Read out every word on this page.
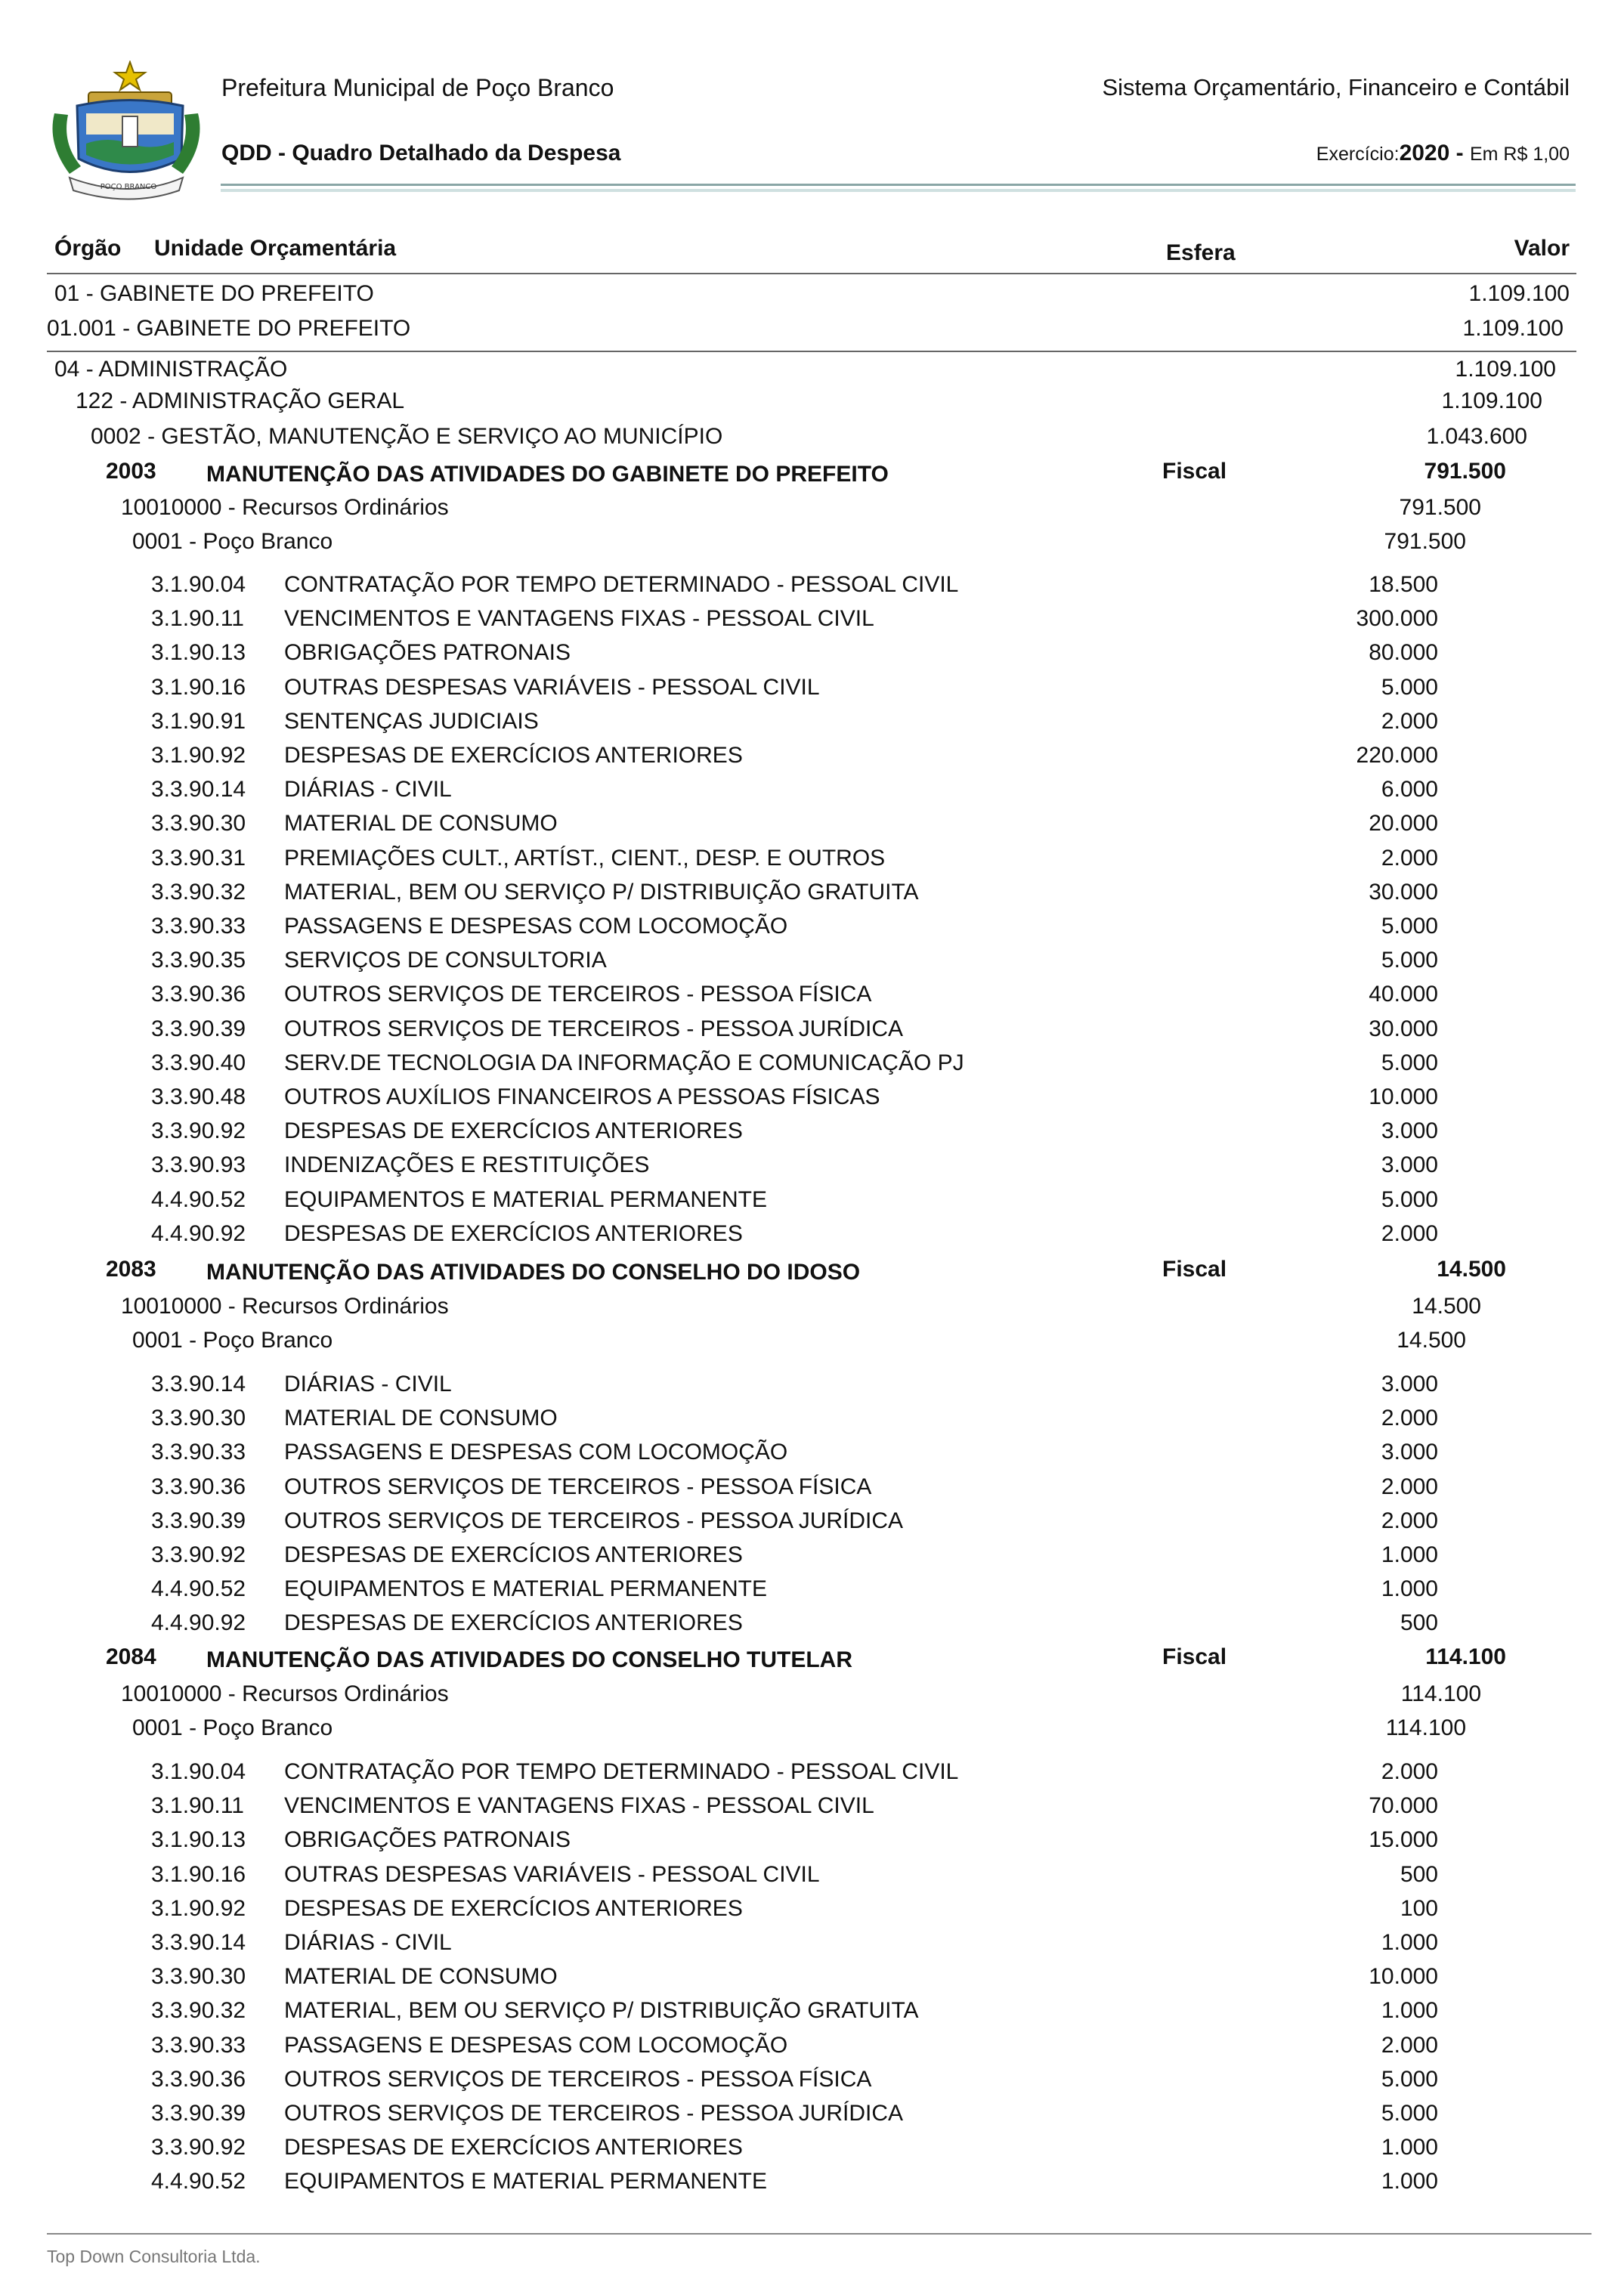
POÇO BRANCO
Prefeitura Municipal de Poço Branco
QDD - Quadro Detalhado da Despesa
Sistema Orçamentário, Financeiro e Contábil
Exercício:2020 - Em R$ 1,00
Órgão Unidade Orçamentária	Esfera	Valor
01 - GABINETE DO PREFEITO	1.109.100
01.001 - GABINETE DO PREFEITO	1.109.100
04 - ADMINISTRAÇÃO	1.109.100
122 - ADMINISTRAÇÃO GERAL	1.109.100
0002 - GESTÃO, MANUTENÇÃO E SERVIÇO AO MUNICÍPIO	1.043.600
2003 MANUTENÇÃO DAS ATIVIDADES DO GABINETE DO PREFEITO	Fiscal	791.500
10010000 - Recursos Ordinários	791.500
0001 - Poço Branco	791.500
3.1.90.04 CONTRATAÇÃO POR TEMPO DETERMINADO - PESSOAL CIVIL	18.500
3.1.90.11 VENCIMENTOS E VANTAGENS FIXAS - PESSOAL CIVIL	300.000
3.1.90.13 OBRIGAÇÕES PATRONAIS	80.000
3.1.90.16 OUTRAS DESPESAS VARIÁVEIS - PESSOAL CIVIL	5.000
3.1.90.91 SENTENÇAS JUDICIAIS	2.000
3.1.90.92 DESPESAS DE EXERCÍCIOS ANTERIORES	220.000
3.3.90.14 DIÁRIAS - CIVIL	6.000
3.3.90.30 MATERIAL DE CONSUMO	20.000
3.3.90.31 PREMIAÇÕES CULT., ARTÍST., CIENT., DESP. E OUTROS	2.000
3.3.90.32 MATERIAL, BEM OU SERVIÇO P/ DISTRIBUIÇÃO GRATUITA	30.000
3.3.90.33 PASSAGENS E DESPESAS COM LOCOMOÇÃO	5.000
3.3.90.35 SERVIÇOS DE CONSULTORIA	5.000
3.3.90.36 OUTROS SERVIÇOS DE TERCEIROS - PESSOA FÍSICA	40.000
3.3.90.39 OUTROS SERVIÇOS DE TERCEIROS - PESSOA JURÍDICA	30.000
3.3.90.40 SERV.DE TECNOLOGIA DA INFORMAÇÃO E COMUNICAÇÃO PJ	5.000
3.3.90.48 OUTROS AUXÍLIOS FINANCEIROS A PESSOAS FÍSICAS	10.000
3.3.90.92 DESPESAS DE EXERCÍCIOS ANTERIORES	3.000
3.3.90.93 INDENIZAÇÕES E RESTITUIÇÕES	3.000
4.4.90.52 EQUIPAMENTOS E MATERIAL PERMANENTE	5.000
4.4.90.92 DESPESAS DE EXERCÍCIOS ANTERIORES	2.000
2083 MANUTENÇÃO DAS ATIVIDADES DO CONSELHO DO IDOSO	Fiscal	14.500
10010000 - Recursos Ordinários	14.500
0001 - Poço Branco	14.500
3.3.90.14 DIÁRIAS - CIVIL	3.000
3.3.90.30 MATERIAL DE CONSUMO	2.000
3.3.90.33 PASSAGENS E DESPESAS COM LOCOMOÇÃO	3.000
3.3.90.36 OUTROS SERVIÇOS DE TERCEIROS - PESSOA FÍSICA	2.000
3.3.90.39 OUTROS SERVIÇOS DE TERCEIROS - PESSOA JURÍDICA	2.000
3.3.90.92 DESPESAS DE EXERCÍCIOS ANTERIORES	1.000
4.4.90.52 EQUIPAMENTOS E MATERIAL PERMANENTE	1.000
4.4.90.92 DESPESAS DE EXERCÍCIOS ANTERIORES	500
2084 MANUTENÇÃO DAS ATIVIDADES DO CONSELHO TUTELAR	Fiscal	114.100
10010000 - Recursos Ordinários	114.100
0001 - Poço Branco	114.100
3.1.90.04 CONTRATAÇÃO POR TEMPO DETERMINADO - PESSOAL CIVIL	2.000
3.1.90.11 VENCIMENTOS E VANTAGENS FIXAS - PESSOAL CIVIL	70.000
3.1.90.13 OBRIGAÇÕES PATRONAIS	15.000
3.1.90.16 OUTRAS DESPESAS VARIÁVEIS - PESSOAL CIVIL	500
3.1.90.92 DESPESAS DE EXERCÍCIOS ANTERIORES	100
3.3.90.14 DIÁRIAS - CIVIL	1.000
3.3.90.30 MATERIAL DE CONSUMO	10.000
3.3.90.32 MATERIAL, BEM OU SERVIÇO P/ DISTRIBUIÇÃO GRATUITA	1.000
3.3.90.33 PASSAGENS E DESPESAS COM LOCOMOÇÃO	2.000
3.3.90.36 OUTROS SERVIÇOS DE TERCEIROS - PESSOA FÍSICA	5.000
3.3.90.39 OUTROS SERVIÇOS DE TERCEIROS - PESSOA JURÍDICA	5.000
3.3.90.92 DESPESAS DE EXERCÍCIOS ANTERIORES	1.000
4.4.90.52 EQUIPAMENTOS E MATERIAL PERMANENTE	1.000
Top Down Consultoria Ltda.
